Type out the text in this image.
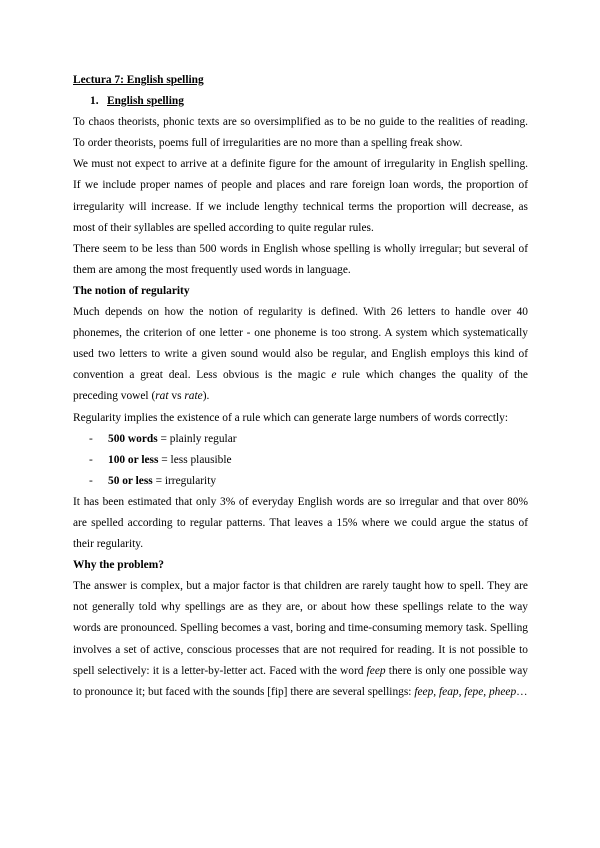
Lectura 7: English spelling

1. English spelling

To chaos theorists, phonic texts are so oversimplified as to be no guide to the realities of reading. To order theorists, poems full of irregularities are no more than a spelling freak show.

We must not expect to arrive at a definite figure for the amount of irregularity in English spelling. If we include proper names of people and places and rare foreign loan words, the proportion of irregularity will increase. If we include lengthy technical terms the proportion will decrease, as most of their syllables are spelled according to quite regular rules.

There seem to be less than 500 words in English whose spelling is wholly irregular; but several of them are among the most frequently used words in language.

The notion of regularity

Much depends on how the notion of regularity is defined. With 26 letters to handle over 40 phonemes, the criterion of one letter - one phoneme is too strong. A system which systematically used two letters to write a given sound would also be regular, and English employs this kind of convention a great deal. Less obvious is the magic e rule which changes the quality of the preceding vowel (rat vs rate).

Regularity implies the existence of a rule which can generate large numbers of words correctly:

- 500 words = plainly regular
- 100 or less = less plausible
- 50 or less = irregularity

It has been estimated that only 3% of everyday English words are so irregular and that over 80% are spelled according to regular patterns. That leaves a 15% where we could argue the status of their regularity.

Why the problem?

The answer is complex, but a major factor is that children are rarely taught how to spell. They are not generally told why spellings are as they are, or about how these spellings relate to the way words are pronounced. Spelling becomes a vast, boring and time-consuming memory task. Spelling involves a set of active, conscious processes that are not required for reading. It is not possible to spell selectively: it is a letter-by-letter act. Faced with the word feep there is only one possible way to pronounce it; but faced with the sounds [fip] there are several spellings: feep, feap, fepe, pheep…
